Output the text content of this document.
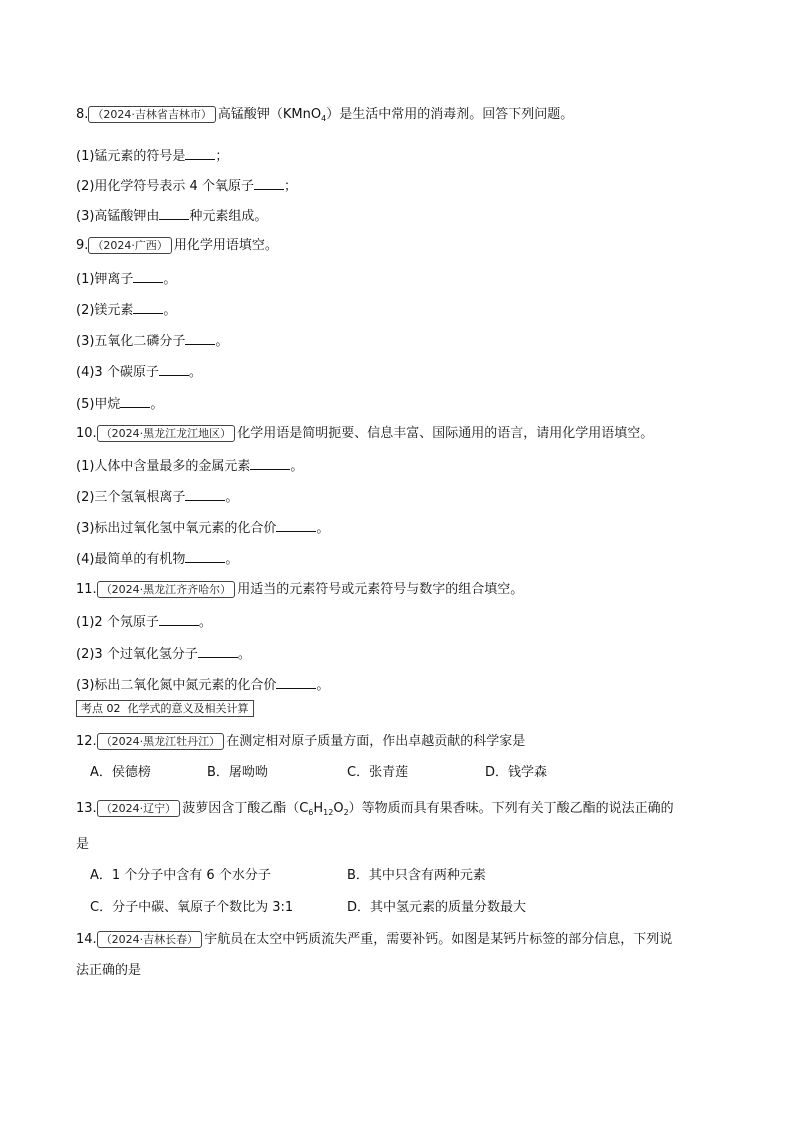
8. （2024·吉林省吉林市） 高锰酸钾（KMnO$_4$）是生活中常用的消毒剂。回答下列问题。
(1)锰元素的符号是 ；
(2)用化学符号表示 4 个氧原子 ；
(3)高锰酸钾由 种元素组成。
9. （2024·广西） 用化学用语填空。
(1)钾离子 。
(2)镁元素 。
(3)五氧化二磷分子 。
(4)3 个碳原子 。
(5)甲烷 。
10. （2024·黑龙江龙江地区） 化学用语是简明扼要、信息丰富、国际通用的语言，请用化学用语填空。
(1)人体中含量最多的金属元素	。
(2)三个氢氧根离子	。
(3)标出过氧化氢中氧元素的化合价	。
(4)最简单的有机物	。
11. （2024·黑龙江齐齐哈尔） 用适当的元素符号或元素符号与数字的组合填空。
(1)2 个氖原子	。
(2)3 个过氧化氢分子	。
(3)标出二氧化氮中氮元素的化合价	。
考点 02 化学式的意义及相关计算
12. （2024·黑龙江牡丹江） 在测定相对原子质量方面，作出卓越贡献的科学家是
A．侯德榜	B．屠呦呦	C．张青莲	D．钱学森
13. （2024·辽宁） 菠萝因含丁酸乙酯$(C_6H_{12}O_2)$等物质而具有果香味。下列有关丁酸乙酯的说法正确的
是
A．1 个分子中含有 6 个水分子	B．其中只含有两种元素
C．分子中碳、氧原子个数比为 3:1	D．其中氢元素的质量分数最大
14. （2024·吉林长春） 宇航员在太空中钙质流失严重，需要补钙。如图是某钙片标签的部分信息，下列说
法正确的是
